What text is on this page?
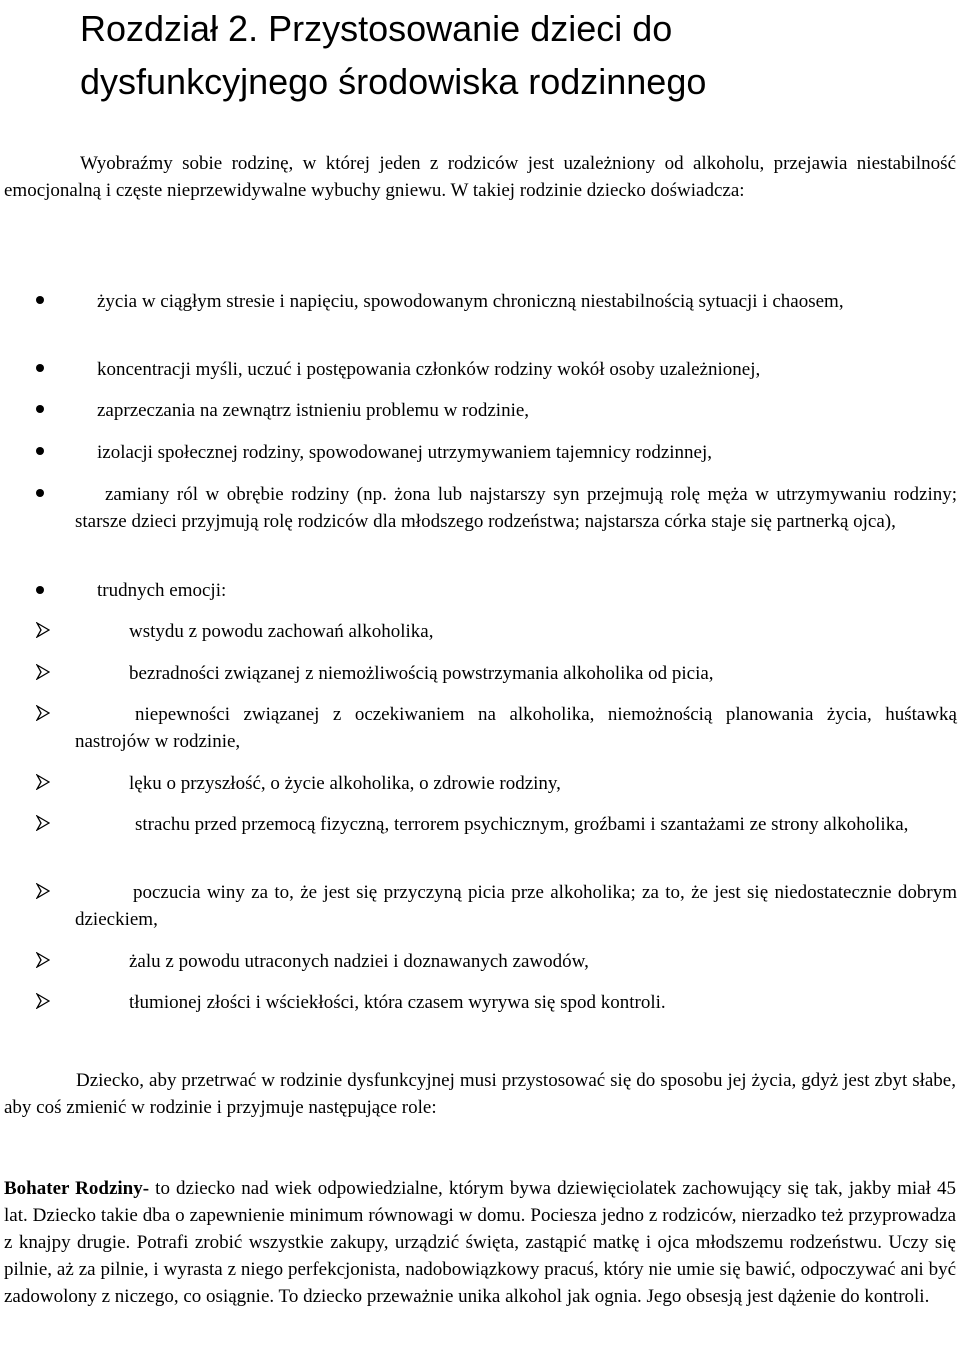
Rozdział 2. Przystosowanie dzieci do
dysfunkcyjnego środowiska rodzinnego

Wyobraźmy sobie rodzinę, w której jeden z rodziców jest uzależniony od alkoholu, przejawia niestabilność emocjonalną i częste nieprzewidywalne wybuchy gniewu. W takiej rodzinie dziecko doświadcza:

życia w ciągłym stresie i napięciu, spowodowanym chroniczną niestabilnością sytuacji i chaosem,

koncentracji myśli, uczuć i postępowania członków rodziny wokół osoby uzależnionej,

zaprzeczania na zewnątrz istnieniu problemu w rodzinie,

izolacji społecznej rodziny, spowodowanej utrzymywaniem tajemnicy rodzinnej,

zamiany ról w obrębie rodziny (np. żona lub najstarszy syn przejmują rolę męża w utrzymywaniu rodziny; starsze dzieci przyjmują rolę rodziców dla młodszego rodzeństwa; najstarsza córka staje się partnerką ojca),

trudnych emocji:

wstydu z powodu zachowań alkoholika,

bezradności związanej z niemożliwością powstrzymania alkoholika od picia,

niepewności związanej z oczekiwaniem na alkoholika, niemożnością planowania życia, huśtawką nastrojów w rodzinie,

lęku o przyszłość, o życie alkoholika, o zdrowie rodziny,

strachu przed przemocą fizyczną, terrorem psychicznym, groźbami i szantażami ze strony alkoholika,

poczucia winy za to, że jest się przyczyną picia prze alkoholika; za to, że jest się niedostatecznie dobrym dzieckiem,

żalu z powodu utraconych nadziei i doznawanych zawodów,

tłumionej złości i wściekłości, która czasem wyrywa się spod kontroli.

Dziecko, aby przetrwać w rodzinie dysfunkcyjnej musi przystosować się do sposobu jej życia, gdyż jest zbyt słabe, aby coś zmienić w rodzinie i przyjmuje następujące role:

Bohater Rodziny- to dziecko nad wiek odpowiedzialne, którym bywa dziewięciolatek zachowujący się tak, jakby miał 45 lat. Dziecko takie dba o zapewnienie minimum równowagi w domu. Pociesza jedno z rodziców, nierzadko też przyprowadza z knajpy drugie. Potrafi zrobić wszystkie zakupy, urządzić święta, zastąpić matkę i ojca młodszemu rodzeństwu. Uczy się pilnie, aż za pilnie, i wyrasta z niego perfekcjonista, nadobowiązkowy pracuś, który nie umie się bawić, odpoczywać ani być zadowolony z niczego, co osiągnie. To dziecko przeważnie unika alkohol jak ognia. Jego obsesją jest dążenie do kontroli.
